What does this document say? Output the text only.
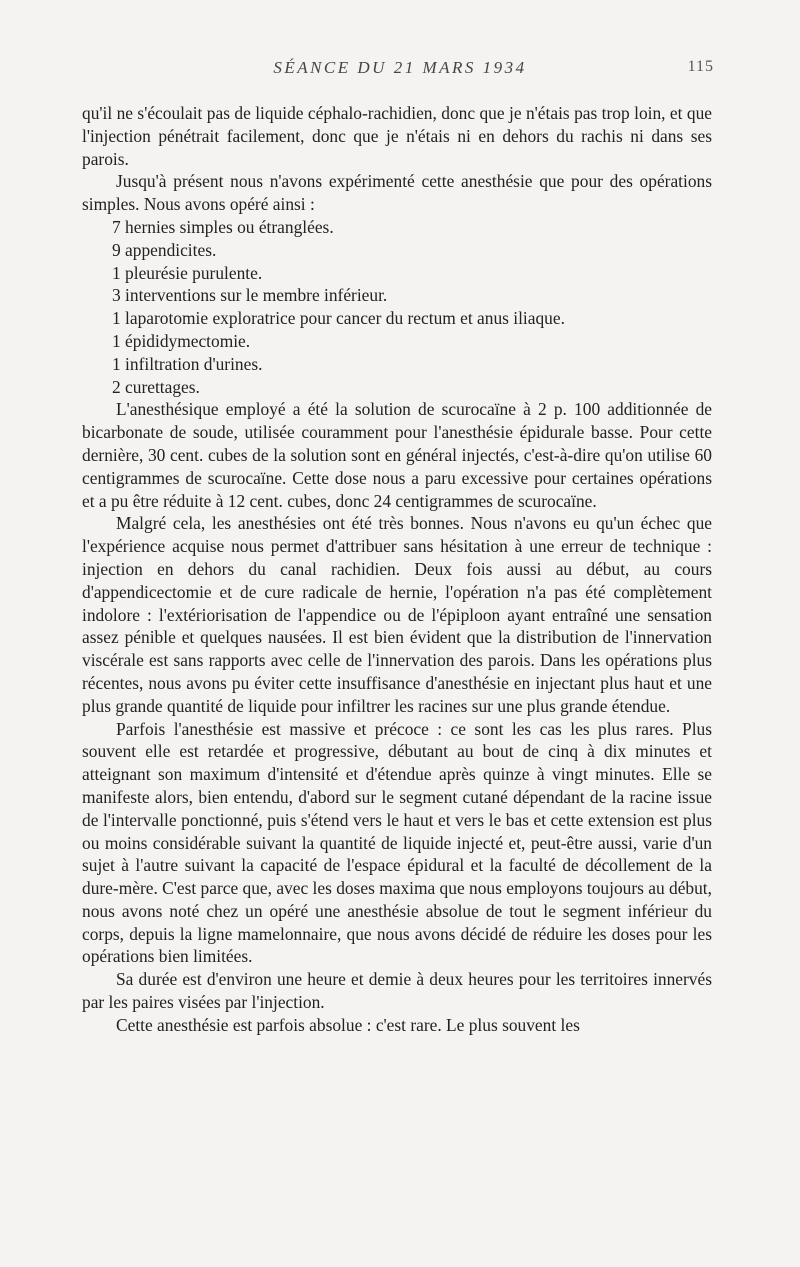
SÉANCE DU 21 MARS 1934	115

qu'il ne s'écoulait pas de liquide céphalo-rachidien, donc que je n'étais pas trop loin, et que l'injection pénétrait facilement, donc que je n'étais ni en dehors du rachis ni dans ses parois.

Jusqu'à présent nous n'avons expérimenté cette anesthésie que pour des opérations simples. Nous avons opéré ainsi :

7 hernies simples ou étranglées.

9 appendicites.

1 pleurésie purulente.

3 interventions sur le membre inférieur.

1 laparotomie exploratrice pour cancer du rectum et anus iliaque.

1 épididymectomie.

1 infiltration d'urines.

2 curettages.

L'anesthésique employé a été la solution de scurocaïne à 2 p. 100 additionnée de bicarbonate de soude, utilisée couramment pour l'anesthésie épidurale basse. Pour cette dernière, 30 cent. cubes de la solution sont en général injectés, c'est-à-dire qu'on utilise 60 centigrammes de scurocaïne. Cette dose nous a paru excessive pour certaines opérations et a pu être réduite à 12 cent. cubes, donc 24 centigrammes de scurocaïne.

Malgré cela, les anesthésies ont été très bonnes. Nous n'avons eu qu'un échec que l'expérience acquise nous permet d'attribuer sans hésitation à une erreur de technique : injection en dehors du canal rachidien. Deux fois aussi au début, au cours d'appendicectomie et de cure radicale de hernie, l'opération n'a pas été complètement indolore : l'extériorisation de l'appendice ou de l'épiploon ayant entraîné une sensation assez pénible et quelques nausées. Il est bien évident que la distribution de l'innervation viscérale est sans rapports avec celle de l'innervation des parois. Dans les opérations plus récentes, nous avons pu éviter cette insuffisance d'anesthésie en injectant plus haut et une plus grande quantité de liquide pour infiltrer les racines sur une plus grande étendue.

Parfois l'anesthésie est massive et précoce : ce sont les cas les plus rares. Plus souvent elle est retardée et progressive, débutant au bout de cinq à dix minutes et atteignant son maximum d'intensité et d'étendue après quinze à vingt minutes. Elle se manifeste alors, bien entendu, d'abord sur le segment cutané dépendant de la racine issue de l'intervalle ponctionné, puis s'étend vers le haut et vers le bas et cette extension est plus ou moins considérable suivant la quantité de liquide injecté et, peut-être aussi, varie d'un sujet à l'autre suivant la capacité de l'espace épidural et la faculté de décollement de la dure-mère. C'est parce que, avec les doses maxima que nous employons toujours au début, nous avons noté chez un opéré une anesthésie absolue de tout le segment inférieur du corps, depuis la ligne mamelonnaire, que nous avons décidé de réduire les doses pour les opérations bien limitées.

Sa durée est d'environ une heure et demie à deux heures pour les territoires innervés par les paires visées par l'injection.

Cette anesthésie est parfois absolue : c'est rare. Le plus souvent les
